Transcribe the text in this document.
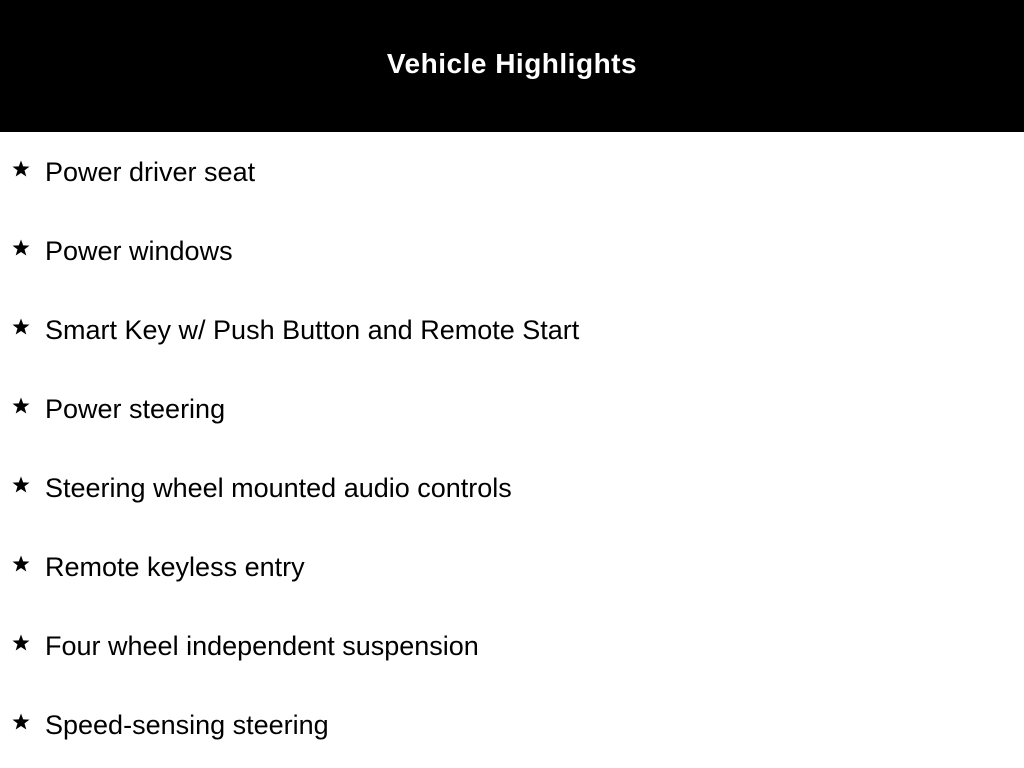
Vehicle Highlights
Power driver seat
Power windows
Smart Key w/ Push Button and Remote Start
Power steering
Steering wheel mounted audio controls
Remote keyless entry
Four wheel independent suspension
Speed-sensing steering
